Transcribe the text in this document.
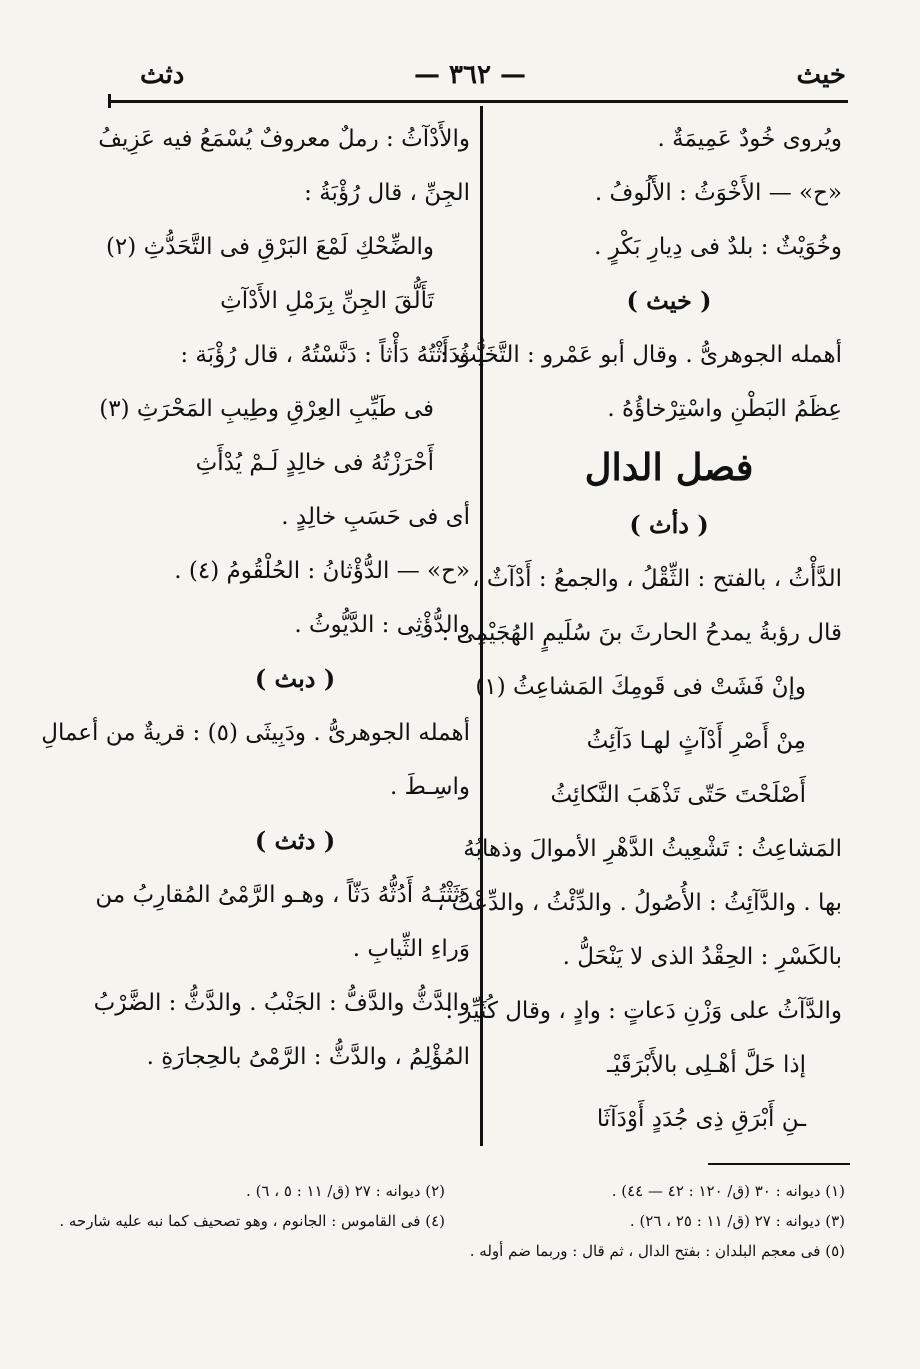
خيث
— ٣٦٢ —
دثث
ويُروى خُودٌ عَمِيمَةٌ .
«ح» — الأَخْوَثُ : الأَلُوفُ .
وخُوَيْثٌ : بلدٌ فى دِيارِ بَكْرٍ .
( خيث )
أهمله الجوهرىُّ . وقال أبو عَمْرو : التَّخَيُّثُ :
عِظَمُ البَطْنِ واسْتِرْخاؤُهُ .
فصل الدال
( دأث )
الدَّأْثُ ، بالفتح : الثِّقْلُ ، والجمعُ : أَدْآثٌ ،
قال رؤبةُ يمدحُ الحارثَ بنَ سُلَيمٍ الهُجَيْمِى :
وإنْ فَشَتْ فى قَومِكَ المَشاعِثُ (١)
مِنْ أَصْرِ أَدْآثٍ لهـا دَآئِثُ
أَصْلَحْتَ حَتّى تَذْهَبَ النَّكائِثُ
المَشاعِثُ : تَشْعِيثُ الدَّهْرِ الأموالَ وذهابُهُ
بها . والدَّآئِثُ : الأُصُولُ . والدِّئْثُ ، والدِّعْثُ ،
بالكَسْرِ : الحِقْدُ الذى لا يَنْحَلُّ .
والدَّآثُ على وَزْنِ دَعاتٍ : وادٍ ، وقال كُثَيِّر :
إذا حَلَّ أهْـلِى بالأَبْرَقَيْـ
ـنِ أَبْرَقِ ذِى جُدَدٍ أَوْدَآثَا
والأَدْآثُ : رملٌ معروفٌ يُسْمَعُ فيه عَزِيفُ
الجِنِّ ، قال رُؤْبَةُ :
والضِّحْكِ لَمْعَ البَرْقِ فى التَّحَدُّثِ (٢)
تَأَلُّقَ الجِنِّ بِرَمْلِ الأَدْآثِ
ودَأَثْتُهُ دَأْثاً : دَنَّسْتُهُ ، قال رُؤْبَة :
فى طَيِّبِ العِرْقِ وطِيبِ المَحْرَثِ (٣)
أَحْرَزْتُهُ فى خالِدٍ لَـمْ يُدْأَثِ
أى فى حَسَبِ خالِدٍ .
«ح» — الدُّؤْثانُ : الحُلْقُومُ (٤) .
والدُّؤْثِى : الدَّيُّوثُ .
( دبث )
أهمله الجوهرىُّ . ودَبِيثَى (٥) : قريةٌ من أعمالِ
واسِـطَ .
( دثث )
دَثَثْتُـهُ أَدُثُّهُ دَثّاً ، وهـو الرَّمْىُ المُقارِبُ من
وَراءِ الثِّيابِ .
والدَّثُّ والدَّفُّ : الجَنْبُ . والدَّثُّ : الضَّرْبُ
المُؤْلِمُ ، والدَّثُّ : الرَّمْىُ بالحِجارَةِ .
(١) ديوانه : ٣٠ (ق/ ١٢٠ : ٤٢ — ٤٤) .
(٢) ديوانه : ٢٧ (ق/ ١١ : ٥ ، ٦) .
(٣) ديوانه : ٢٧ (ق/ ١١ : ٢٥ ، ٢٦) .
(٤) فى القاموس : الجانوم ، وهو تصحيف كما نبه عليه شارحه .
(٥) فى معجم البلدان : بفتح الدال ، ثم قال : وربما ضم أوله .
